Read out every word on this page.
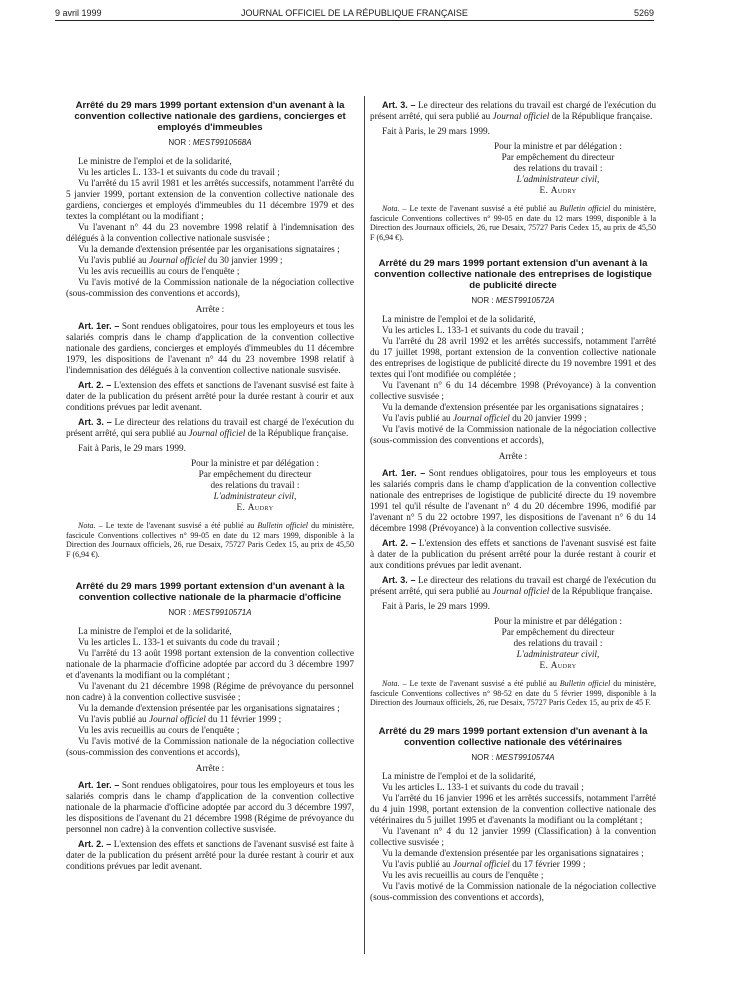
9 avril 1999	JOURNAL OFFICIEL DE LA RÉPUBLIQUE FRANÇAISE	5269
Arrêté du 29 mars 1999 portant extension d'un avenant à la convention collective nationale des gardiens, concierges et employés d'immeubles
NOR : MEST9910568A

Le ministre de l'emploi et de la solidarité,

Vu les articles L. 133-1 et suivants du code du travail ;

Vu l'arrêté du 15 avril 1981 et les arrêtés successifs, notamment l'arrêté du 5 janvier 1999, portant extension de la convention collective nationale des gardiens, concierges et employés d'immeubles du 11 décembre 1979 et des textes la complétant ou la modifiant ;

Vu l'avenant n° 44 du 23 novembre 1998 relatif à l'indemnisation des délégués à la convention collective nationale susvisée ;

Vu la demande d'extension présentée par les organisations signataires ;

Vu l'avis publié au Journal officiel du 30 janvier 1999 ;

Vu les avis recueillis au cours de l'enquête ;

Vu l'avis motivé de la Commission nationale de la négociation collective (sous-commission des conventions et accords),

Arrête :

Art. 1er. – Sont rendues obligatoires, pour tous les employeurs et tous les salariés compris dans le champ d'application de la convention collective nationale des gardiens, concierges et employés d'immeubles du 11 décembre 1979, les dispositions de l'avenant n° 44 du 23 novembre 1998 relatif à l'indemnisation des délégués à la convention collective nationale susvisée.

Art. 2. – L'extension des effets et sanctions de l'avenant susvisé est faite à dater de la publication du présent arrêté pour la durée restant à courir et aux conditions prévues par ledit avenant.

Art. 3. – Le directeur des relations du travail est chargé de l'exécution du présent arrêté, qui sera publié au Journal officiel de la République française.

Fait à Paris, le 29 mars 1999.

Pour la ministre et par délégation :
Par empêchement du directeur
des relations du travail :
L'administrateur civil,
E. Audry

Nota. – Le texte de l'avenant susvisé a été publié au Bulletin officiel du ministère, fascicule Conventions collectives n° 99-05 en date du 12 mars 1999, disponible à la Direction des Journaux officiels, 26, rue Desaix, 75727 Paris Cedex 15, au prix de 45,50 F (6,94 €).

Arrêté du 29 mars 1999 portant extension d'un avenant à la convention collective nationale de la pharmacie d'officine
NOR : MEST9910571A

La ministre de l'emploi et de la solidarité,

Vu les articles L. 133-1 et suivants du code du travail ;

Vu l'arrêté du 13 août 1998 portant extension de la convention collective nationale de la pharmacie d'officine adoptée par accord du 3 décembre 1997 et d'avenants la modifiant ou la complétant ;

Vu l'avenant du 21 décembre 1998 (Régime de prévoyance du personnel non cadre) à la convention collective susvisée ;

Vu la demande d'extension présentée par les organisations signataires ;

Vu l'avis publié au Journal officiel du 11 février 1999 ;

Vu les avis recueillis au cours de l'enquête ;

Vu l'avis motivé de la Commission nationale de la négociation collective (sous-commission des conventions et accords),

Arrête :

Art. 1er. – Sont rendues obligatoires, pour tous les employeurs et tous les salariés compris dans le champ d'application de la convention collective nationale de la pharmacie d'officine adoptée par accord du 3 décembre 1997, les dispositions de l'avenant du 21 décembre 1998 (Régime de prévoyance du personnel non cadre) à la convention collective susvisée.

Art. 2. – L'extension des effets et sanctions de l'avenant susvisé est faite à dater de la publication du présent arrêté pour la durée restant à courir et aux conditions prévues par ledit avenant.

Art. 3. – Le directeur des relations du travail est chargé de l'exécution du présent arrêté, qui sera publié au Journal officiel de la République française.

Fait à Paris, le 29 mars 1999.

Pour la ministre et par délégation :
Par empêchement du directeur
des relations du travail :
L'administrateur civil,
E. Audry

Nota. – Le texte de l'avenant susvisé a été publié au Bulletin officiel du ministère, fascicule Conventions collectives n° 99-05 en date du 12 mars 1999, disponible à la Direction des Journaux officiels, 26, rue Desaix, 75727 Paris Cedex 15, au prix de 45,50 F (6,94 €).

Arrêté du 29 mars 1999 portant extension d'un avenant à la convention collective nationale des entreprises de logistique de publicité directe
NOR : MEST9910572A

La ministre de l'emploi et de la solidarité,

Vu les articles L. 133-1 et suivants du code du travail ;

Vu l'arrêté du 28 avril 1992 et les arrêtés successifs, notamment l'arrêté du 17 juillet 1998, portant extension de la convention collective nationale des entreprises de logistique de publicité directe du 19 novembre 1991 et des textes qui l'ont modifiée ou complétée ;

Vu l'avenant n° 6 du 14 décembre 1998 (Prévoyance) à la convention collective susvisée ;

Vu la demande d'extension présentée par les organisations signataires ;

Vu l'avis publié au Journal officiel du 20 janvier 1999 ;

Vu l'avis motivé de la Commission nationale de la négociation collective (sous-commission des conventions et accords),

Arrête :

Art. 1er. – Sont rendues obligatoires, pour tous les employeurs et tous les salariés compris dans le champ d'application de la convention collective nationale des entreprises de logistique de publicité directe du 19 novembre 1991 tel qu'il résulte de l'avenant n° 4 du 20 décembre 1996, modifié par l'avenant n° 5 du 22 octobre 1997, les dispositions de l'avenant n° 6 du 14 décembre 1998 (Prévoyance) à la convention collective susvisée.

Art. 2. – L'extension des effets et sanctions de l'avenant susvisé est faite à dater de la publication du présent arrêté pour la durée restant à courir et aux conditions prévues par ledit avenant.

Art. 3. – Le directeur des relations du travail est chargé de l'exécution du présent arrêté, qui sera publié au Journal officiel de la République française.

Fait à Paris, le 29 mars 1999.

Pour la ministre et par délégation :
Par empêchement du directeur
des relations du travail :
L'administrateur civil,
E. Audry

Nota. – Le texte de l'avenant susvisé a été publié au Bulletin officiel du ministère, fascicule Conventions collectives n° 98-52 en date du 5 février 1999, disponible à la Direction des Journaux officiels, 26, rue Desaix, 75727 Paris Cedex 15, au prix de 45 F.

Arrêté du 29 mars 1999 portant extension d'un avenant à la convention collective nationale des vétérinaires
NOR : MEST9910574A

La ministre de l'emploi et de la solidarité,

Vu les articles L. 133-1 et suivants du code du travail ;

Vu l'arrêté du 16 janvier 1996 et les arrêtés successifs, notamment l'arrêté du 4 juin 1998, portant extension de la convention collective nationale des vétérinaires du 5 juillet 1995 et d'avenants la modifiant ou la complétant ;

Vu l'avenant n° 4 du 12 janvier 1999 (Classification) à la convention collective susvisée ;

Vu la demande d'extension présentée par les organisations signataires ;

Vu l'avis publié au Journal officiel du 17 février 1999 ;

Vu les avis recueillis au cours de l'enquête ;

Vu l'avis motivé de la Commission nationale de la négociation collective (sous-commission des conventions et accords),
